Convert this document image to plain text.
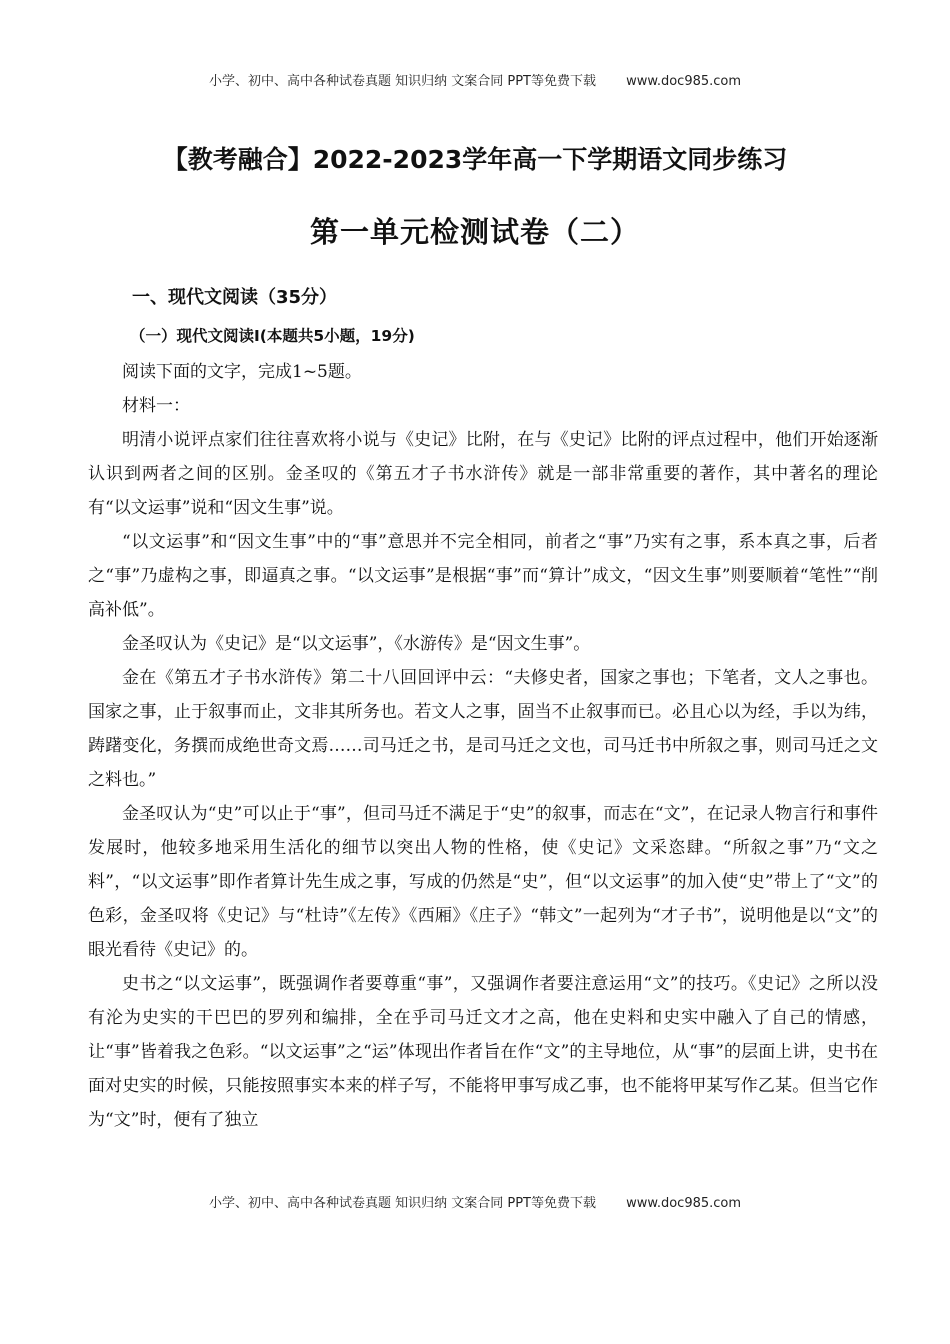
小学、初中、高中各种试卷真题 知识归纳 文案合同 PPT等免费下载 www.doc985.com
【教考融合】2022-2023学年高一下学期语文同步练习
第一单元检测试卷（二）
一、现代文阅读（35分）
（一）现代文阅读Ⅰ(本题共5小题，19分)

阅读下面的文字，完成1~5题。

材料一：

明清小说评点家们往往喜欢将小说与《史记》比附，在与《史记》比附的评点过程中，他们开始逐渐认识到两者之间的区别。金圣叹的《第五才子书水浒传》就是一部非常重要的著作，其中著名的理论有“以文运事”说和“因文生事”说。

“以文运事”和“因文生事”中的“事”意思并不完全相同，前者之“事”乃实有之事，系本真之事，后者之“事”乃虚构之事，即逼真之事。“以文运事”是根据“事”而“算计”成文，“因文生事”则要顺着“笔性”“削高补低”。

金圣叹认为《史记》是“以文运事”，《水游传》是“因文生事”。

金在《第五才子书水浒传》第二十八回回评中云：“夫修史者，国家之事也；下笔者，文人之事也。国家之事，止于叙事而止，文非其所务也。若文人之事，固当不止叙事而已。必且心以为经，手以为纬，踌躇变化，务撰而成绝世奇文焉……司马迁之书，是司马迁之文也，司马迁书中所叙之事，则司马迁之文之料也。”

金圣叹认为“史”可以止于“事”，但司马迁不满足于“史”的叙事，而志在“文”，在记录人物言行和事件发展时，他较多地采用生活化的细节以突出人物的性格，使《史记》文采恣肆。“所叙之事”乃“文之料”，“以文运事”即作者算计先生成之事，写成的仍然是“史”，但“以文运事”的加入使“史”带上了“文”的色彩，金圣叹将《史记》与“杜诗”《左传》《西厢》《庄子》“韩文”一起列为“才子书”，说明他是以“文”的眼光看待《史记》的。

史书之“以文运事”，既强调作者要尊重“事”，又强调作者要注意运用“文”的技巧。《史记》之所以没有沦为史实的干巴巴的罗列和编排，全在乎司马迁文才之高，他在史料和史实中融入了自己的情感，让“事”皆着我之色彩。“以文运事”之“运”体现出作者旨在作“文”的主导地位，从“事”的层面上讲，史书在面对史实的时候，只能按照事实本来的样子写，不能将甲事写成乙事，也不能将甲某写作乙某。但当它作为“文”时，便有了独立

小学、初中、高中各种试卷真题 知识归纳 文案合同 PPT等免费下载 www.doc985.com
